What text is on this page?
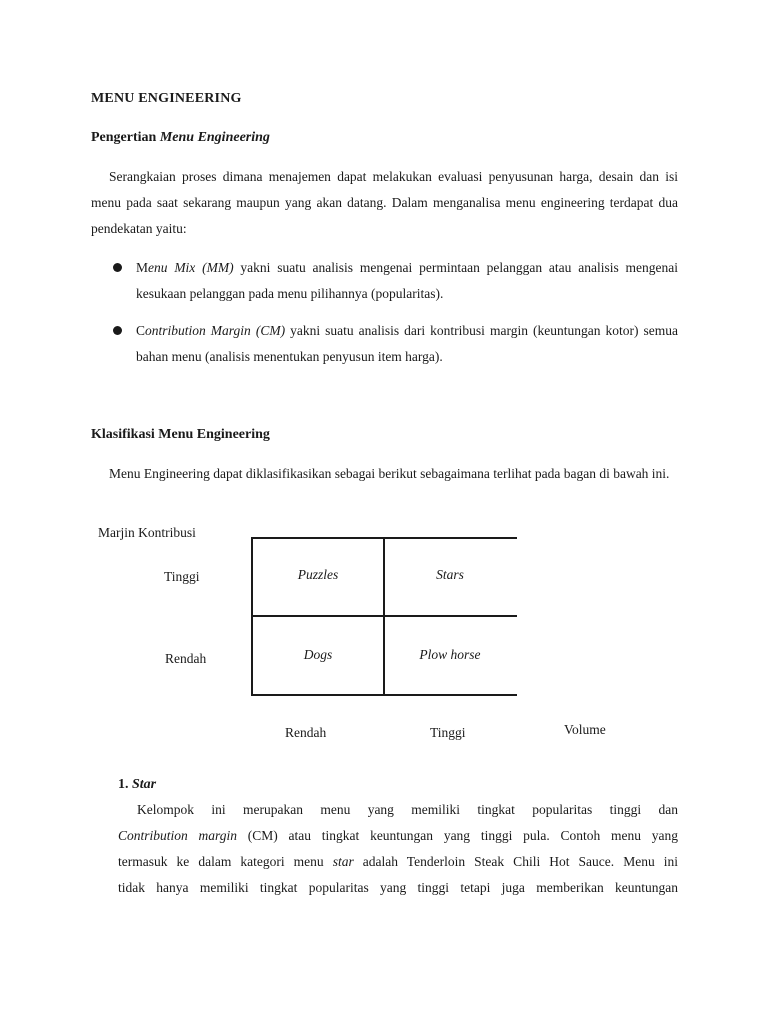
MENU ENGINEERING
Pengertian Menu Engineering
Serangkaian proses dimana menajemen dapat melakukan evaluasi penyusunan harga, desain dan isi menu pada saat sekarang maupun yang akan datang. Dalam menganalisa menu engineering terdapat dua pendekatan yaitu:
Menu Mix (MM) yakni suatu analisis mengenai permintaan pelanggan atau analisis mengenai kesukaan pelanggan pada menu pilihannya (popularitas).
Contribution Margin (CM) yakni suatu analisis dari kontribusi margin (keuntungan kotor) semua bahan menu (analisis menentukan penyusun item harga).
Klasifikasi Menu Engineering
Menu Engineering dapat diklasifikasikan sebagai berikut sebagaimana terlihat pada bagan di bawah ini.
Marjin Kontribusi
Tinggi
Rendah
Puzzles	Stars
Dogs	Plow horse
Rendah	Tinggi	Volume
1. Star
Kelompok ini merupakan menu yang memiliki tingkat popularitas tinggi dan
Contribution margin (CM) atau tingkat keuntungan yang tinggi pula. Contoh menu yang
termasuk ke dalam kategori menu star adalah Tenderloin Steak Chili Hot Sauce. Menu ini
tidak hanya memiliki tingkat popularitas yang tinggi tetapi juga memberikan keuntungan
